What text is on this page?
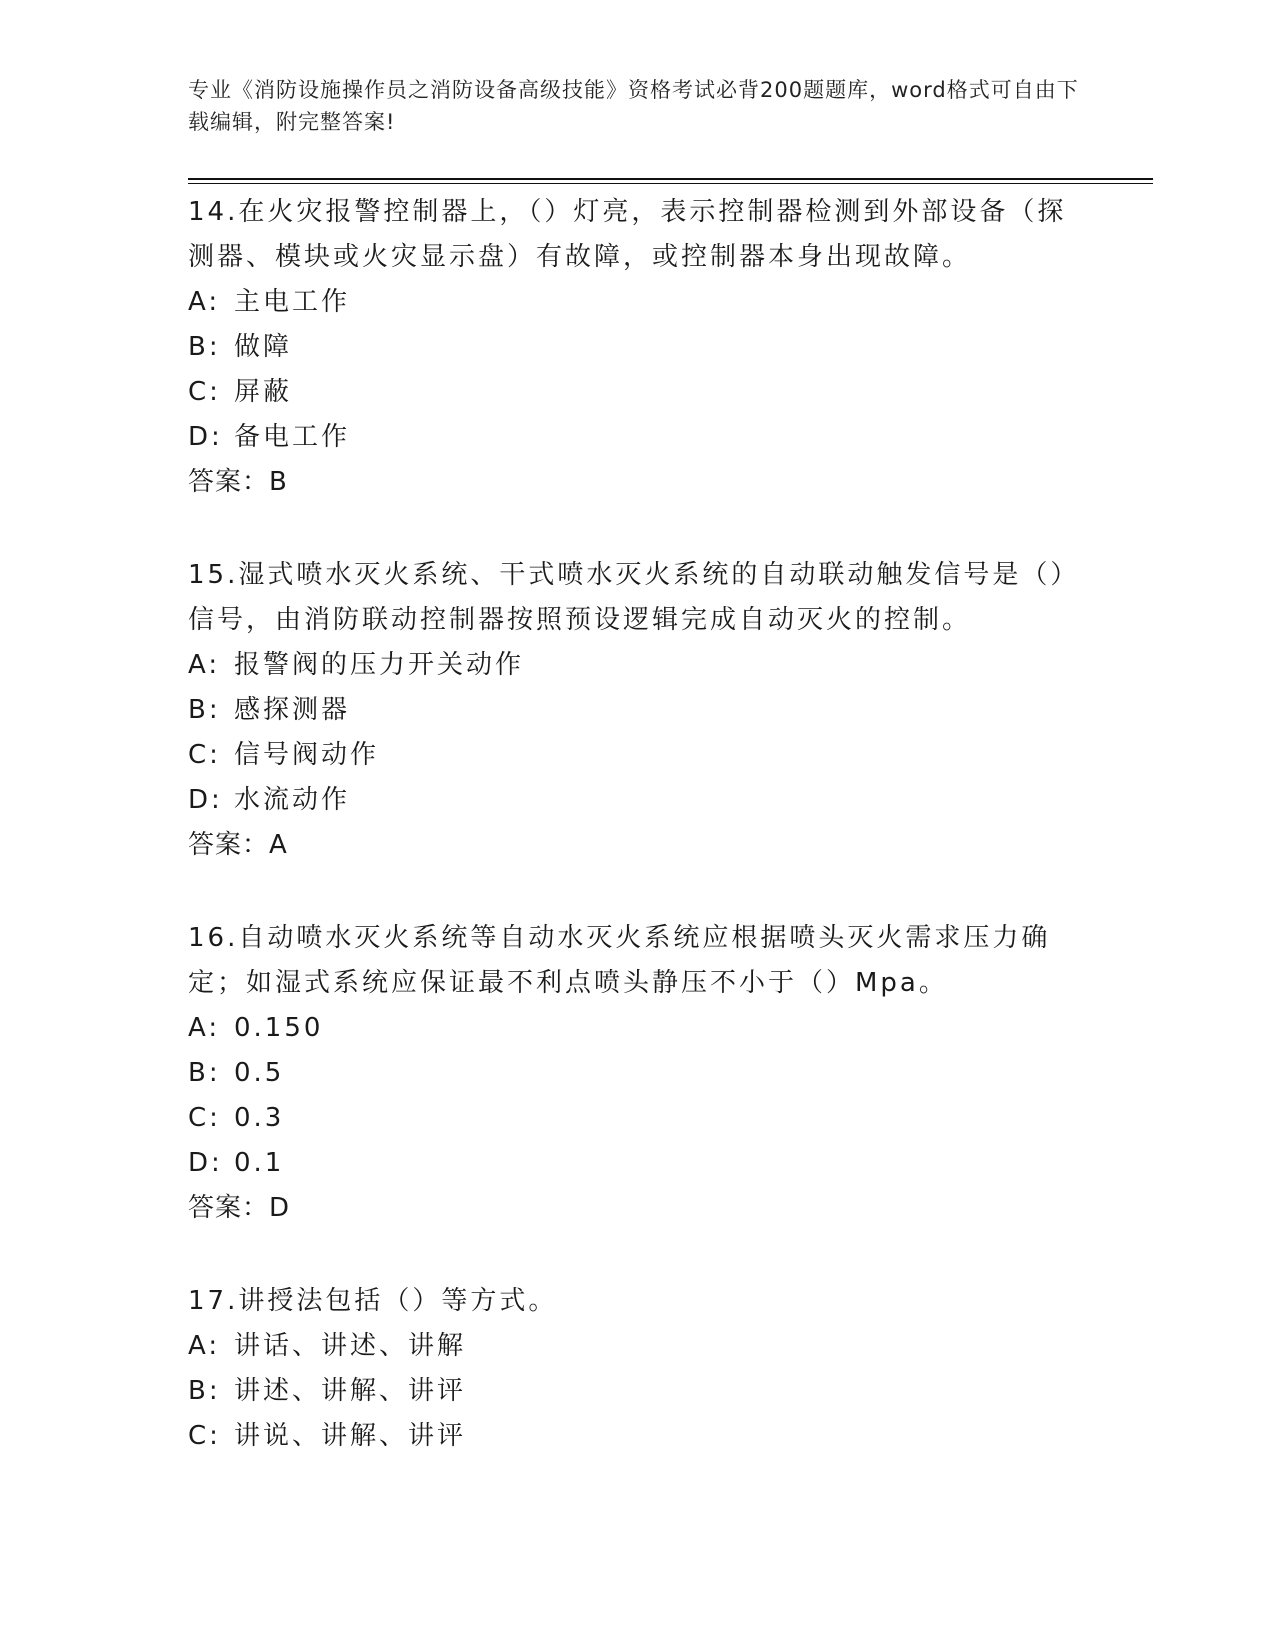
专业《消防设施操作员之消防设备高级技能》资格考试必背200题题库，word格式可自由下载编辑，附完整答案!

14.在火灾报警控制器上，（）灯亮，表示控制器检测到外部设备（探测器、模块或火灾显示盘）有故障，或控制器本身出现故障。

A: 主电工作

B: 做障

C: 屏蔽

D: 备电工作

答案：B

15.湿式喷水灭火系统、干式喷水灭火系统的自动联动触发信号是（）信号，由消防联动控制器按照预设逻辑完成自动灭火的控制。

A: 报警阀的压力开关动作

B: 感探测器

C: 信号阀动作

D: 水流动作

答案：A

16.自动喷水灭火系统等自动水灭火系统应根据喷头灭火需求压力确定；如湿式系统应保证最不利点喷头静压不小于（）Mpa。

A: 0.150

B: 0.5

C: 0.3

D: 0.1

答案：D

17.讲授法包括（）等方式。

A: 讲话、讲述、讲解

B: 讲述、讲解、讲评

C: 讲说、讲解、讲评
